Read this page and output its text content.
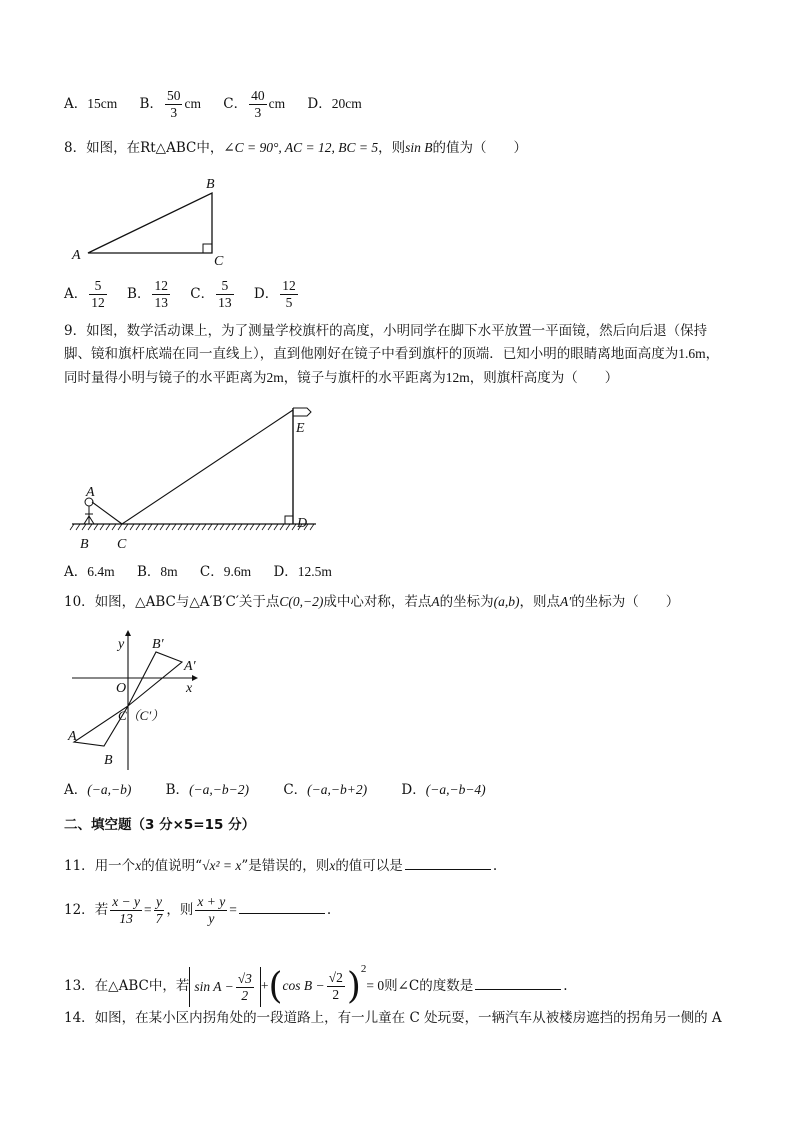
A．15cm B． $\frac{50}{3}$ cm C． $\frac{40}{3}$ cm D．20cm
8．如图，在Rt△ABC中，∠C = 90°, AC = 12, BC = 5，则sin B的值为（　　）
A
B
C
A． $\frac{5}{12}$ B． $\frac{12}{13}$ C． $\frac{5}{13}$ D． $\frac{12}{5}$
9．如图，数学活动课上，为了测量学校旗杆的高度，小明同学在脚下水平放置一平面镜，然后向后退（保持
脚、镜和旗杆底端在同一直线上），直到他刚好在镜子中看到旗杆的顶端．已知小明的眼睛离地面高度为1.6m，
同时量得小明与镜子的水平距离为2m，镜子与旗杆的水平距离为12m，则旗杆高度为（　　）
A
B C
D
E
A．6.4m B．8m C．9.6m D．12.5m
10．如图，△ABC与△A′B′C′关于点C(0,−2)成中心对称，若点A的坐标为(a,b)，则点A′的坐标为（　　）
y
x
O
B′
A′
C（C′）
A
B
A．(−a,−b)	B．(−a,−b−2)	C．(−a,−b+2)	D．(−a,−b−4)
二、填空题（3 分×5=15 分）
11．用一个x的值说明“√x² = x”是错误的，则x的值可以是	.
12．若 $\frac{x - y}{13} = \frac{y}{7}$ ，则 $\frac{x + y}{y}$ =	.
13．在△ABC中，若 $\sin A - \frac{√3}{2} +(\cos$ $B - \frac{√2}{2} )^2= 0$则∠C的度数是	.
14．如图，在某小区内拐角处的一段道路上，有一儿童在 C 处玩耍，一辆汽车从被楼房遮挡的拐角另一侧的 A
